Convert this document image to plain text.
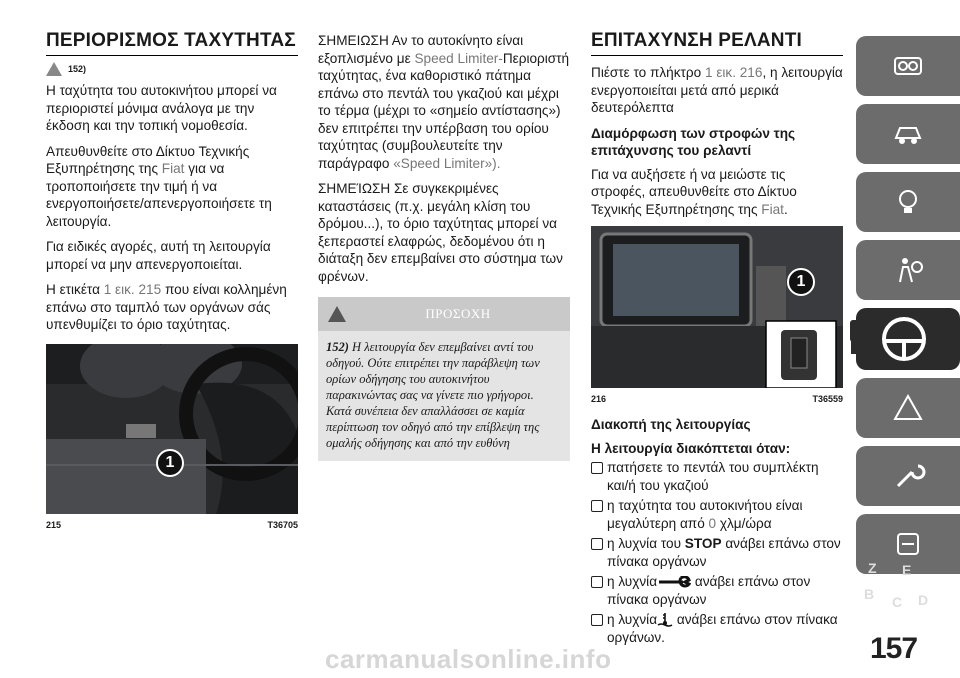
ΠΕΡΙΟΡΙΣΜΟΣ ΤΑΧΥΤΗΤΑΣ
152)

Η ταχύτητα του αυτοκινήτου μπορεί να περιοριστεί μόνιμα ανάλογα με την έκδοση και την τοπική νομοθεσία.

Απευθυνθείτε στο Δίκτυο Τεχνικής Εξυπηρέτησης της Fiat για να τροποποιήσετε την τιμή ή να ενεργοποιήσετε/απενεργοποιήσετε τη λειτουργία.

Για ειδικές αγορές, αυτή τη λειτουργία μπορεί να μην απενεργοποιείται.

Η ετικέτα 1 εικ. 215 που είναι κολλημένη επάνω στο ταμπλό των οργάνων σάς υπενθυμίζει το όριο ταχύτητας.

1
215	T36705

ΣΗΜΕΙΩΣΗ Αν το αυτοκίνητο είναι εξοπλισμένο με Speed Limiter-Περιοριστή ταχύτητας, ένα καθοριστικό πάτημα επάνω στο πεντάλ του γκαζιού και μέχρι το τέρμα (μέχρι το «σημείο αντίστασης») δεν επιτρέπει την υπέρβαση του ορίου ταχύτητας (συμβουλευτείτε την παράγραφο «Speed Limiter»).

ΣΗΜΕΊΩΣΗ Σε συγκεκριμένες καταστάσεις (π.χ. μεγάλη κλίση του δρόμου...), το όριο ταχύτητας μπορεί να ξεπεραστεί ελαφρώς, δεδομένου ότι η διάταξη δεν επεμβαίνει στο σύστημα των φρένων.

ΠΡΟΣΟΧΗ
152) Η λειτουργία δεν επεμβαίνει αντί του οδηγού. Ούτε επιτρέπει την παράβλεψη των ορίων οδήγησης του αυτοκινήτου παρακινώντας σας να γίνετε πιο γρήγοροι. Κατά συνέπεια δεν απαλλάσσει σε καμία περίπτωση τον οδηγό από την επίβλεψη της ομαλής οδήγησης και από την ευθύνη
ΕΠΙΤΑΧΥΝΣΗ ΡΕΛΑΝΤΙ

Πιέστε το πλήκτρο 1 εικ. 216, η λειτουργία ενεργοποιείται μετά από μερικά δευτερόλεπτα

Διαμόρφωση των στροφών της επιτάχυνσης του ρελαντί

Για να αυξήσετε ή να μειώστε τις στροφές, απευθυνθείτε στο Δίκτυο Τεχνικής Εξυπηρέτησης της Fiat.

1
216	T36559
Διακοπή της λειτουργίας
Η λειτουργία διακόπτεται όταν:
πατήσετε το πεντάλ του συμπλέκτη και/ή του γκαζιού
η ταχύτητα του αυτοκινήτου είναι μεγαλύτερη από 0 χλμ/ώρα
η λυχνία του STOP ανάβει επάνω στον πίνακα οργάνων
η λυχνία	ανάβει επάνω στον πίνακα οργάνων
η λυχνία ανάβει επάνω στον πίνακα οργάνων.
Z E
B C D
157
carmanualsonline.info
